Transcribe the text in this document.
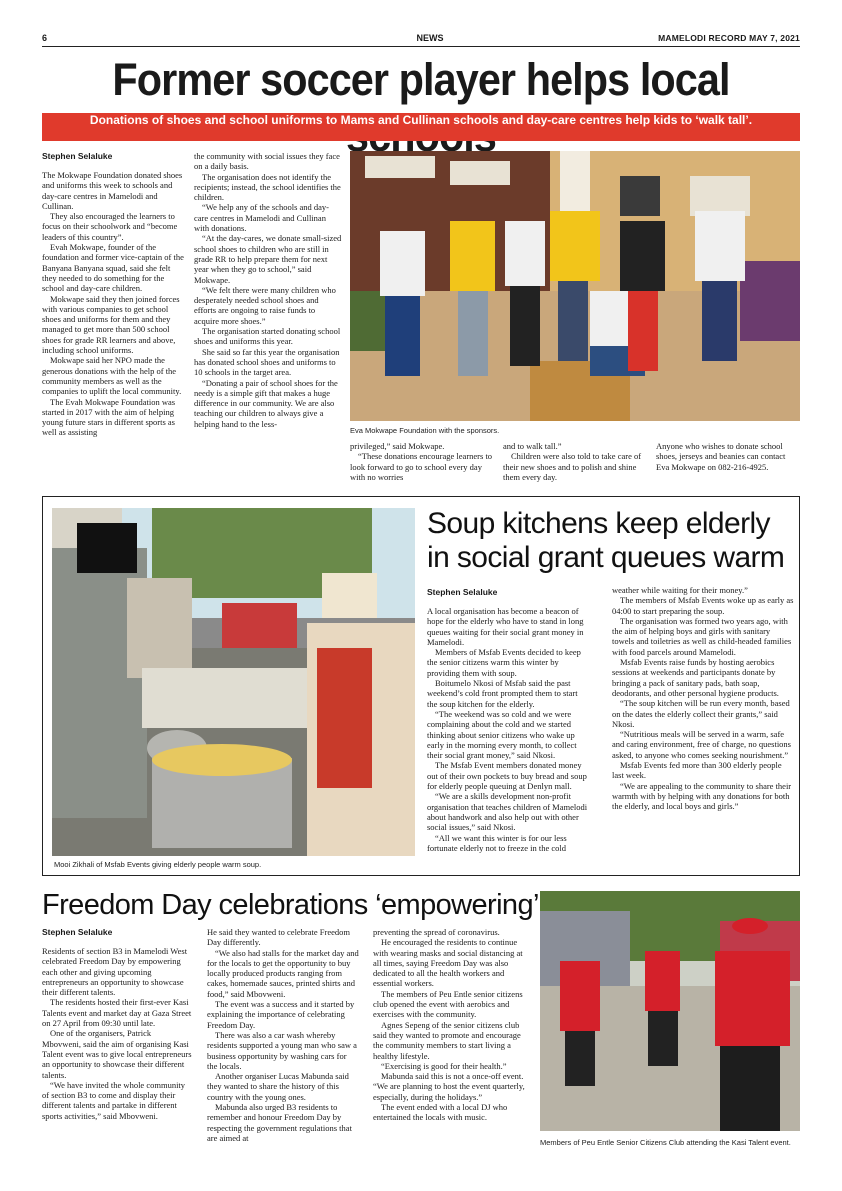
6	NEWS	MAMELODI RECORD MAY 7, 2021
Former soccer player helps local
Donations of shoes and school uniforms to Mams and Cullinan schools and day-care centres help kids to ‘walk tall’.
Stephen Selaluke

The Mokwape Foundation donated shoes and uniforms this week to schools and day-care centres in Mamelodi and Cullinan.

They also encouraged the learners to focus on their schoolwork and “become leaders of this country”.

Evah Mokwape, founder of the foundation and former vice-captain of the Banyana Banyana squad, said she felt they needed to do something for the school and day-care children.

Mokwape said they then joined forces with various companies to get school shoes and uniforms for them and they managed to get more than 500 school shoes for grade RR learners and above, including school uniforms.

Mokwape said her NPO made the generous donations with the help of the community members as well as the companies to uplift the local community.

The Evah Mokwape Foundation was started in 2017 with the aim of helping young future stars in different sports as well as assisting

the community with social issues they face on a daily basis.

The organisation does not identify the recipients; instead, the school identifies the children.

“We help any of the schools and day-care centres in Mamelodi and Cullinan with donations.

“At the day-cares, we donate small-sized school shoes to children who are still in grade RR to help prepare them for next year when they go to school,” said Mokwape.

“We felt there were many children who desperately needed school shoes and efforts are ongoing to raise funds to acquire more shoes.”

The organisation started donating school shoes and uniforms this year.

She said so far this year the organisation has donated school shoes and uniforms to 10 schools in the target area.

“Donating a pair of school shoes for the needy is a simple gift that makes a huge difference in our community. We are also teaching our children to always give a helping hand to the less-

Eva Mokwape Foundation with the sponsors.

privileged,” said Mokwape.

“These donations encourage learners to look forward to go to school every day with no worries

and to walk tall.”

Children were also told to take care of their new shoes and to polish and shine them every day.

Anyone who wishes to donate school shoes, jerseys and beanies can contact Eva Mokwape on 082-216-4925.

Mooi Zikhali of Msfab Events giving elderly people warm soup.
Soup kitchens keep elderly
in social grant queues warm
Stephen Selaluke

A local organisation has become a beacon of hope for the elderly who have to stand in long queues waiting for their social grant money in Mamelodi.

Members of Msfab Events decided to keep the senior citizens warm this winter by providing them with soup.

Boitumelo Nkosi of Msfab said the past weekend’s cold front prompted them to start the soup kitchen for the elderly.

“The weekend was so cold and we were complaining about the cold and we started thinking about senior citizens who wake up early in the morning every month, to collect their social grant money,” said Nkosi.

The Msfab Event members donated money out of their own pockets to buy bread and soup for elderly people queuing at Denlyn mall.

“We are a skills development non-profit organisation that teaches children of Mamelodi about handwork and also help out with other social issues,” said Nkosi.

“All we want this winter is for our less fortunate elderly not to freeze in the cold

weather while waiting for their money.”

The members of Msfab Events woke up as early as 04:00 to start preparing the soup.

The organisation was formed two years ago, with the aim of helping boys and girls with sanitary towels and toiletries as well as child-headed families with food parcels around Mamelodi.

Msfab Events raise funds by hosting aerobics sessions at weekends and participants donate by bringing a pack of sanitary pads, bath soap, deodorants, and other personal hygiene products.

“The soup kitchen will be run every month, based on the dates the elderly collect their grants,” said Nkosi.

“Nutritious meals will be served in a warm, safe and caring environment, free of charge, no questions asked, to anyone who comes seeking nourishment.”

Msfab Events fed more than 300 elderly people last week.

“We are appealing to the community to share their warmth with by helping with any donations for both the elderly, and local boys and girls.”

Freedom Day celebrations ‘empowering’
Stephen Selaluke

Residents of section B3 in Mamelodi West celebrated Freedom Day by empowering each other and giving upcoming entrepreneurs an opportunity to showcase their different talents.

The residents hosted their first-ever Kasi Talents event and market day at Gaza Street on 27 April from 09:30 until late.

One of the organisers, Patrick Mbovweni, said the aim of organising Kasi Talent event was to give local entrepreneurs an opportunity to showcase their different talents.

“We have invited the whole community of section B3 to come and display their different talents and partake in different sports activities,” said Mbovweni.

He said they wanted to celebrate Freedom Day differently.

“We also had stalls for the market day and for the locals to get the opportunity to buy locally produced products ranging from cakes, homemade sauces, printed shirts and food,” said Mbovweni.

The event was a success and it started by explaining the importance of celebrating Freedom Day.

There was also a car wash whereby residents supported a young man who saw a business opportunity by washing cars for the locals.

Another organiser Lucas Mabunda said they wanted to share the history of this country with the young ones.

Mabunda also urged B3 residents to remember and honour Freedom Day by respecting the government regulations that are aimed at

preventing the spread of coronavirus.

He encouraged the residents to continue with wearing masks and social distancing at all times, saying Freedom Day was also dedicated to all the health workers and essential workers.

The members of Peu Entle senior citizens club opened the event with aerobics and exercises with the community.

Agnes Sepeng of the senior citizens club said they wanted to promote and encourage the community members to start living a healthy lifestyle.

“Exercising is good for their health.”

Mabunda said this is not a once-off event. “We are planning to host the event quarterly, especially, during the holidays.”

The event ended with a local DJ who entertained the locals with music.

Members of Peu Entle Senior Citizens Club attending the Kasi Talent event.
